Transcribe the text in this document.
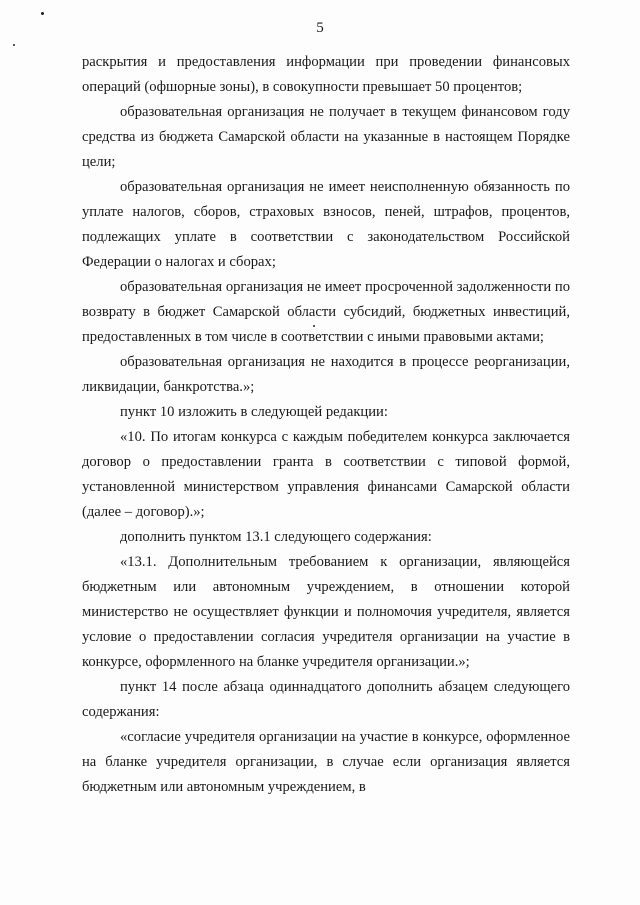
5

раскрытия и предоставления информации при проведении финансовых операций (офшорные зоны), в совокупности превышает 50 процентов;

образовательная организация не получает в текущем финансовом году средства из бюджета Самарской области на указанные в настоящем Порядке цели;

образовательная организация не имеет неисполненную обязанность по уплате налогов, сборов, страховых взносов, пеней, штрафов, процентов, подлежащих уплате в соответствии с законодательством Российской Федерации о налогах и сборах;

образовательная организация не имеет просроченной задолженности по возврату в бюджет Самарской области субсидий, бюджетных инвестиций, предоставленных в том числе в соответствии с иными правовыми актами;

образовательная организация не находится в процессе реорганизации, ликвидации, банкротства.»;

пункт 10 изложить в следующей редакции:

«10. По итогам конкурса с каждым победителем конкурса заключается договор о предоставлении гранта в соответствии с типовой формой, установленной министерством управления финансами Самарской области (далее – договор).»;

дополнить пунктом 13.1 следующего содержания:

«13.1. Дополнительным требованием к организации, являющейся бюджетным или автономным учреждением, в отношении которой министерство не осуществляет функции и полномочия учредителя, является условие о предоставлении согласия учредителя организации на участие в конкурсе, оформленного на бланке учредителя организации.»;

пункт 14 после абзаца одиннадцатого дополнить абзацем следующего содержания:

«согласие учредителя организации на участие в конкурсе, оформленное на бланке учредителя организации, в случае если организация является бюджетным или автономным учреждением, в
